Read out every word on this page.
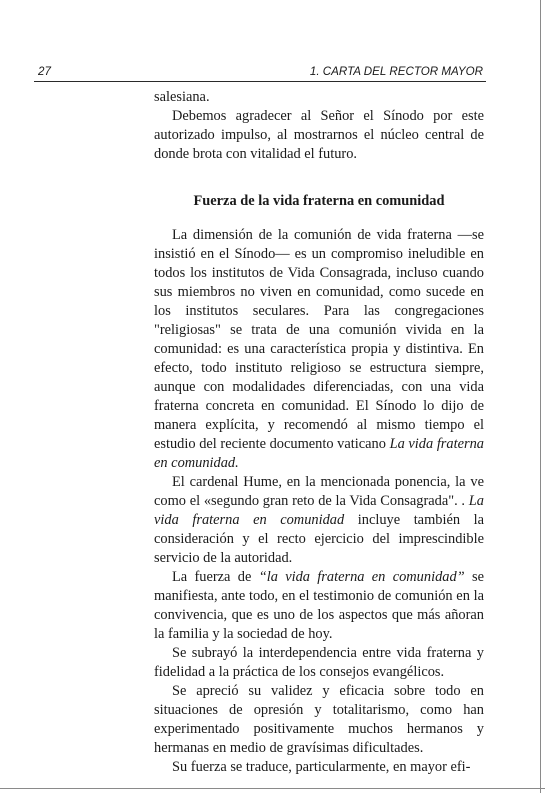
27	1. CARTA DEL RECTOR MAYOR

salesiana.

Debemos agradecer al Señor el Sínodo por este autorizado impulso, al mostrarnos el núcleo central de donde brota con vitalidad el futuro.

Fuerza de la vida fraterna en comunidad

La dimensión de la comunión de vida fraterna —se insistió en el Sínodo— es un compromiso ineludible en todos los institutos de Vida Consagrada, incluso cuando sus miembros no viven en comunidad, como sucede en los institutos seculares. Para las congregaciones "religiosas" se trata de una comunión vivida en la comunidad: es una característica propia y distintiva. En efecto, todo instituto religioso se estructura siempre, aunque con modalidades diferenciadas, con una vida fraterna concreta en comunidad. El Sínodo lo dijo de manera explícita, y recomendó al mismo tiempo el estudio del reciente documento vaticano La vida fraterna en comunidad.

El cardenal Hume, en la mencionada ponencia, la ve como el «segundo gran reto de la Vida Consagrada". . La vida fraterna en comunidad incluye también la consideración y el recto ejercicio del imprescindible servicio de la autoridad.

La fuerza de “la vida fraterna en comunidad” se manifiesta, ante todo, en el testimonio de comunión en la convivencia, que es uno de los aspectos que más añoran la familia y la sociedad de hoy.

Se subrayó la interdependencia entre vida fraterna y fidelidad a la práctica de los consejos evangélicos.

Se apreció su validez y eficacia sobre todo en situaciones de opresión y totalitarismo, como han experimentado positivamente muchos hermanos y hermanas en medio de gravísimas dificultades.

Su fuerza se traduce, particularmente, en mayor efi-
